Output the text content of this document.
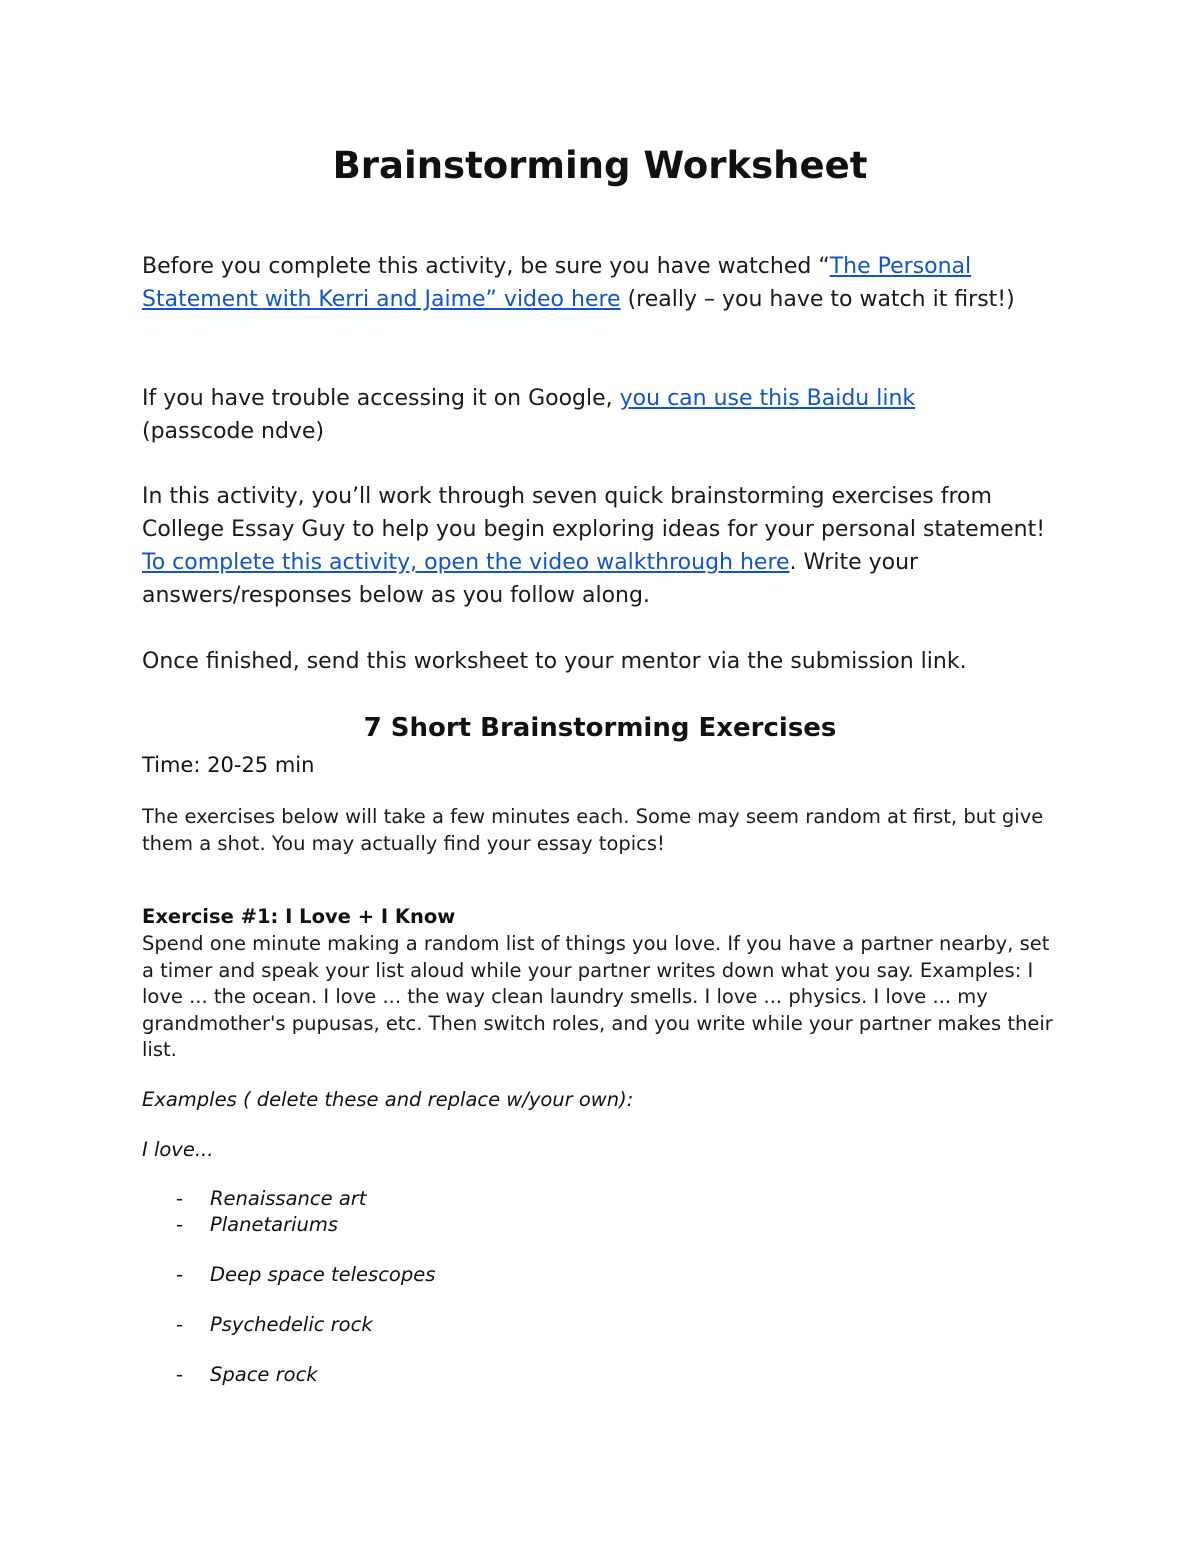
Brainstorming Worksheet

Before you complete this activity, be sure you have watched “The Personal Statement with Kerri and Jaime” video here (really – you have to watch it first!)

If you have trouble accessing it on Google, you can use this Baidu link
(passcode ndve)

In this activity, you’ll work through seven quick brainstorming exercises from College Essay Guy to help you begin exploring ideas for your personal statement! To complete this activity, open the video walkthrough here. Write your answers/responses below as you follow along.

Once finished, send this worksheet to your mentor via the submission link.

7 Short Brainstorming Exercises

Time: 20-25 min

The exercises below will take a few minutes each. Some may seem random at first, but give them a shot. You may actually find your essay topics!

Exercise #1: I Love + I Know

Spend one minute making a random list of things you love. If you have a partner nearby, set a timer and speak your list aloud while your partner writes down what you say. Examples: I love ... the ocean. I love ... the way clean laundry smells. I love ... physics. I love ... my grandmother's pupusas, etc. Then switch roles, and you write while your partner makes their list.

Examples ( delete these and replace w/your own):

I love...

-	Renaissance art

-	Planetariums

-	Deep space telescopes

-	Psychedelic rock

-	Space rock
